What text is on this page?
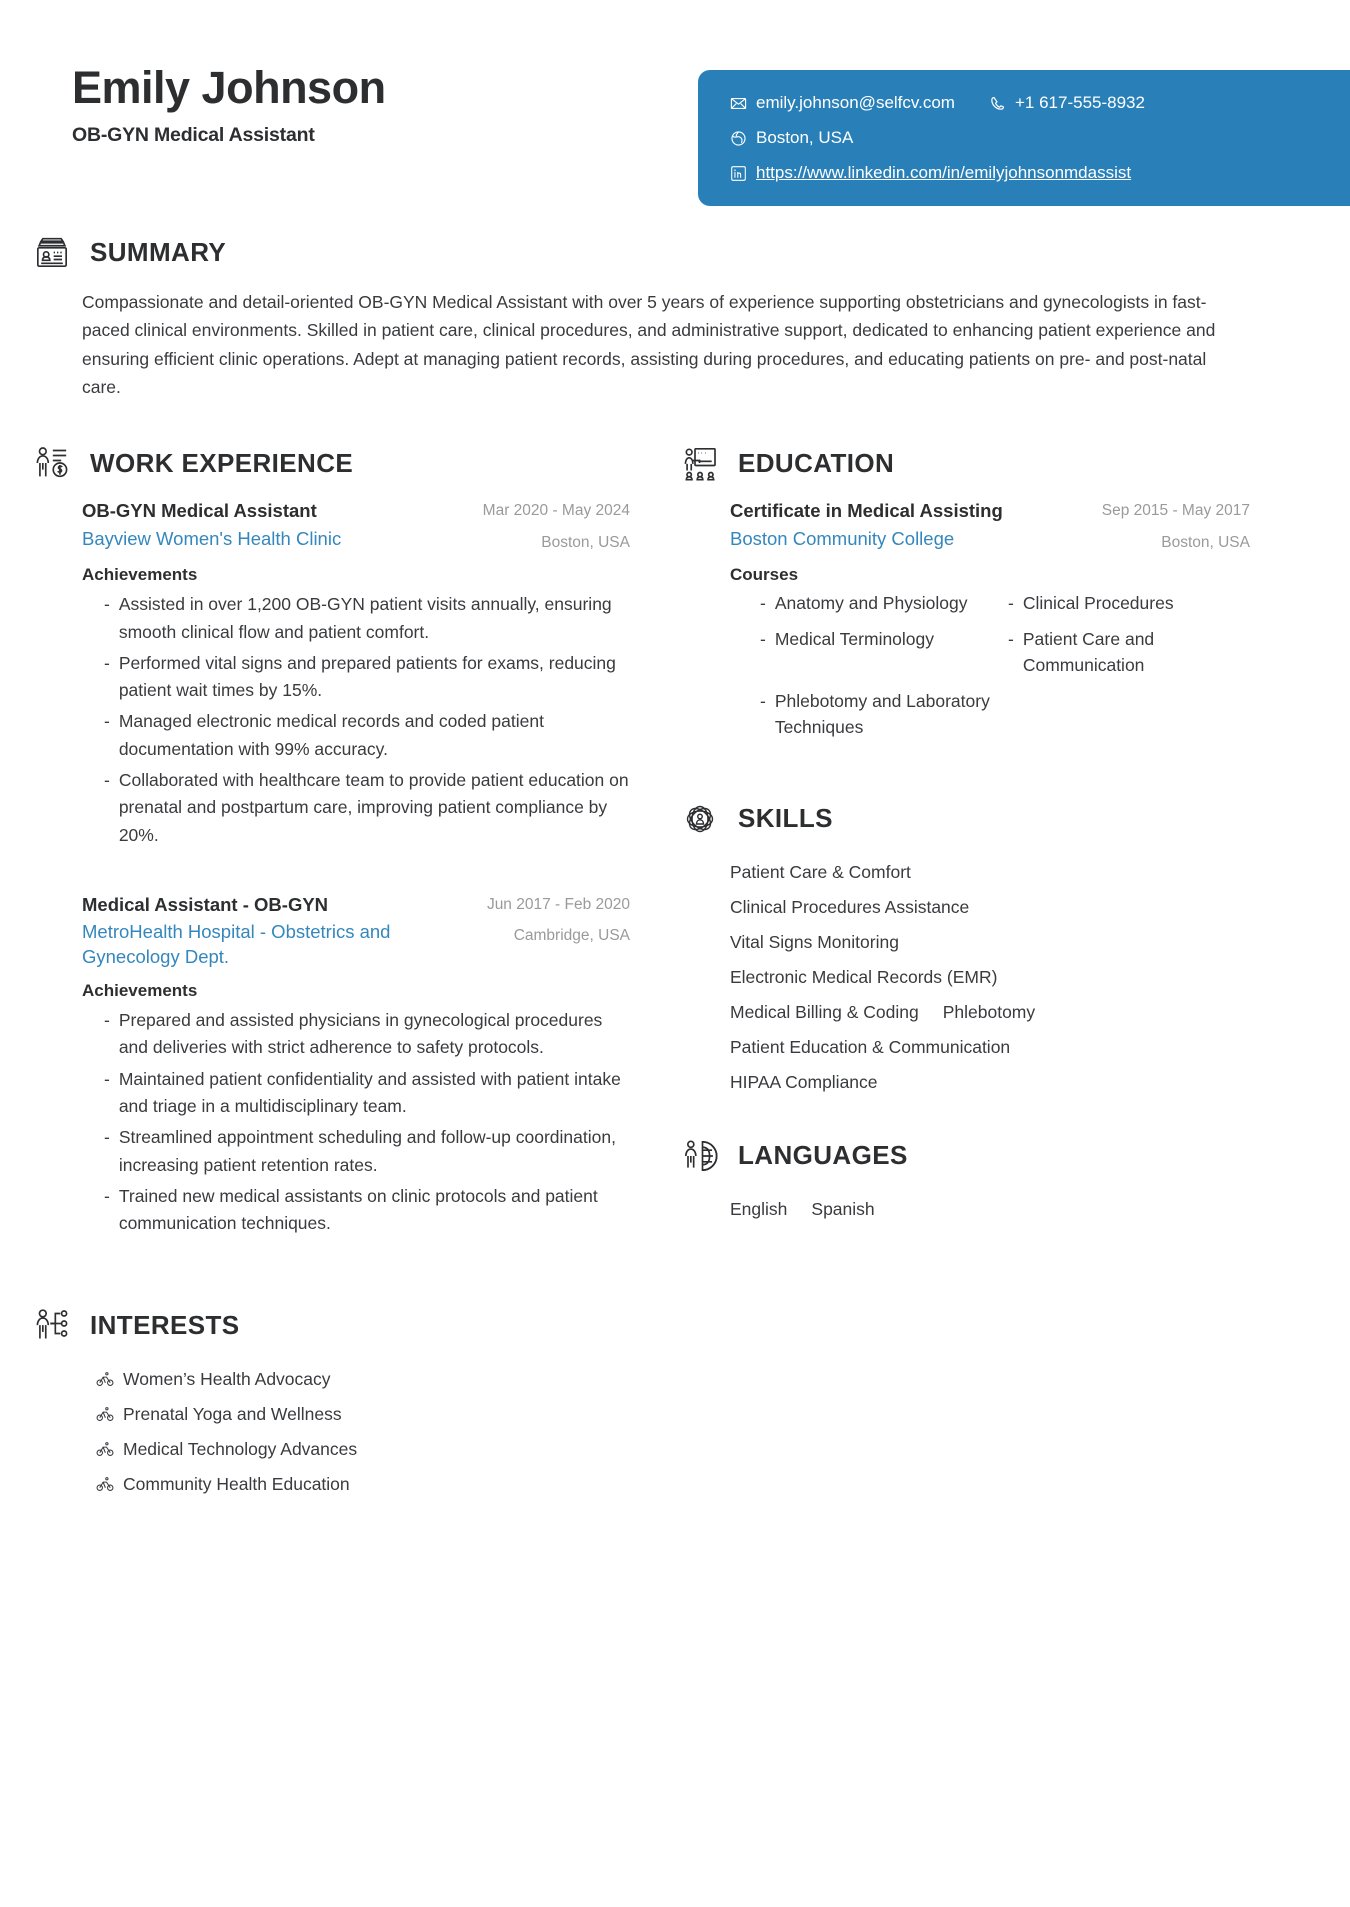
Emily Johnson
OB-GYN Medical Assistant
emily.johnson@selfcv.com	+1 617-555-8932
Boston, USA
https://www.linkedin.com/in/emilyjohnsonmdassist
SUMMARY
Compassionate and detail-oriented OB-GYN Medical Assistant with over 5 years of experience supporting obstetricians and gynecologists in fast-paced clinical environments. Skilled in patient care, clinical procedures, and administrative support, dedicated to enhancing patient experience and ensuring efficient clinic operations. Adept at managing patient records, assisting during procedures, and educating patients on pre- and post-natal care.
WORK EXPERIENCE
OB-GYN Medical Assistant
Bayview Women's Health Clinic
Mar 2020 - May 2024
Boston, USA
Achievements
- Assisted in over 1,200 OB-GYN patient visits annually, ensuring smooth clinical flow and patient comfort.
- Performed vital signs and prepared patients for exams, reducing patient wait times by 15%.
- Managed electronic medical records and coded patient documentation with 99% accuracy.
- Collaborated with healthcare team to provide patient education on prenatal and postpartum care, improving patient compliance by 20%.
Medical Assistant - OB-GYN
MetroHealth Hospital - Obstetrics and Gynecology Dept.
Jun 2017 - Feb 2020
Cambridge, USA
Achievements
- Prepared and assisted physicians in gynecological procedures and deliveries with strict adherence to safety protocols.
- Maintained patient confidentiality and assisted with patient intake and triage in a multidisciplinary team.
- Streamlined appointment scheduling and follow-up coordination, increasing patient retention rates.
- Trained new medical assistants on clinic protocols and patient communication techniques.
INTERESTS
Women’s Health Advocacy
Prenatal Yoga and Wellness
Medical Technology Advances
Community Health Education
EDUCATION
Certificate in Medical Assisting
Boston Community College
Sep 2015 - May 2017
Boston, USA
Courses
- Anatomy and Physiology - Clinical Procedures
- Medical Terminology	- Patient Care and Communication
- Phlebotomy and Laboratory Techniques
SKILLS
Patient Care & Comfort
Clinical Procedures Assistance
Vital Signs Monitoring
Electronic Medical Records (EMR)
Medical Billing & Coding Phlebotomy
Patient Education & Communication
HIPAA Compliance
LANGUAGES
English Spanish
